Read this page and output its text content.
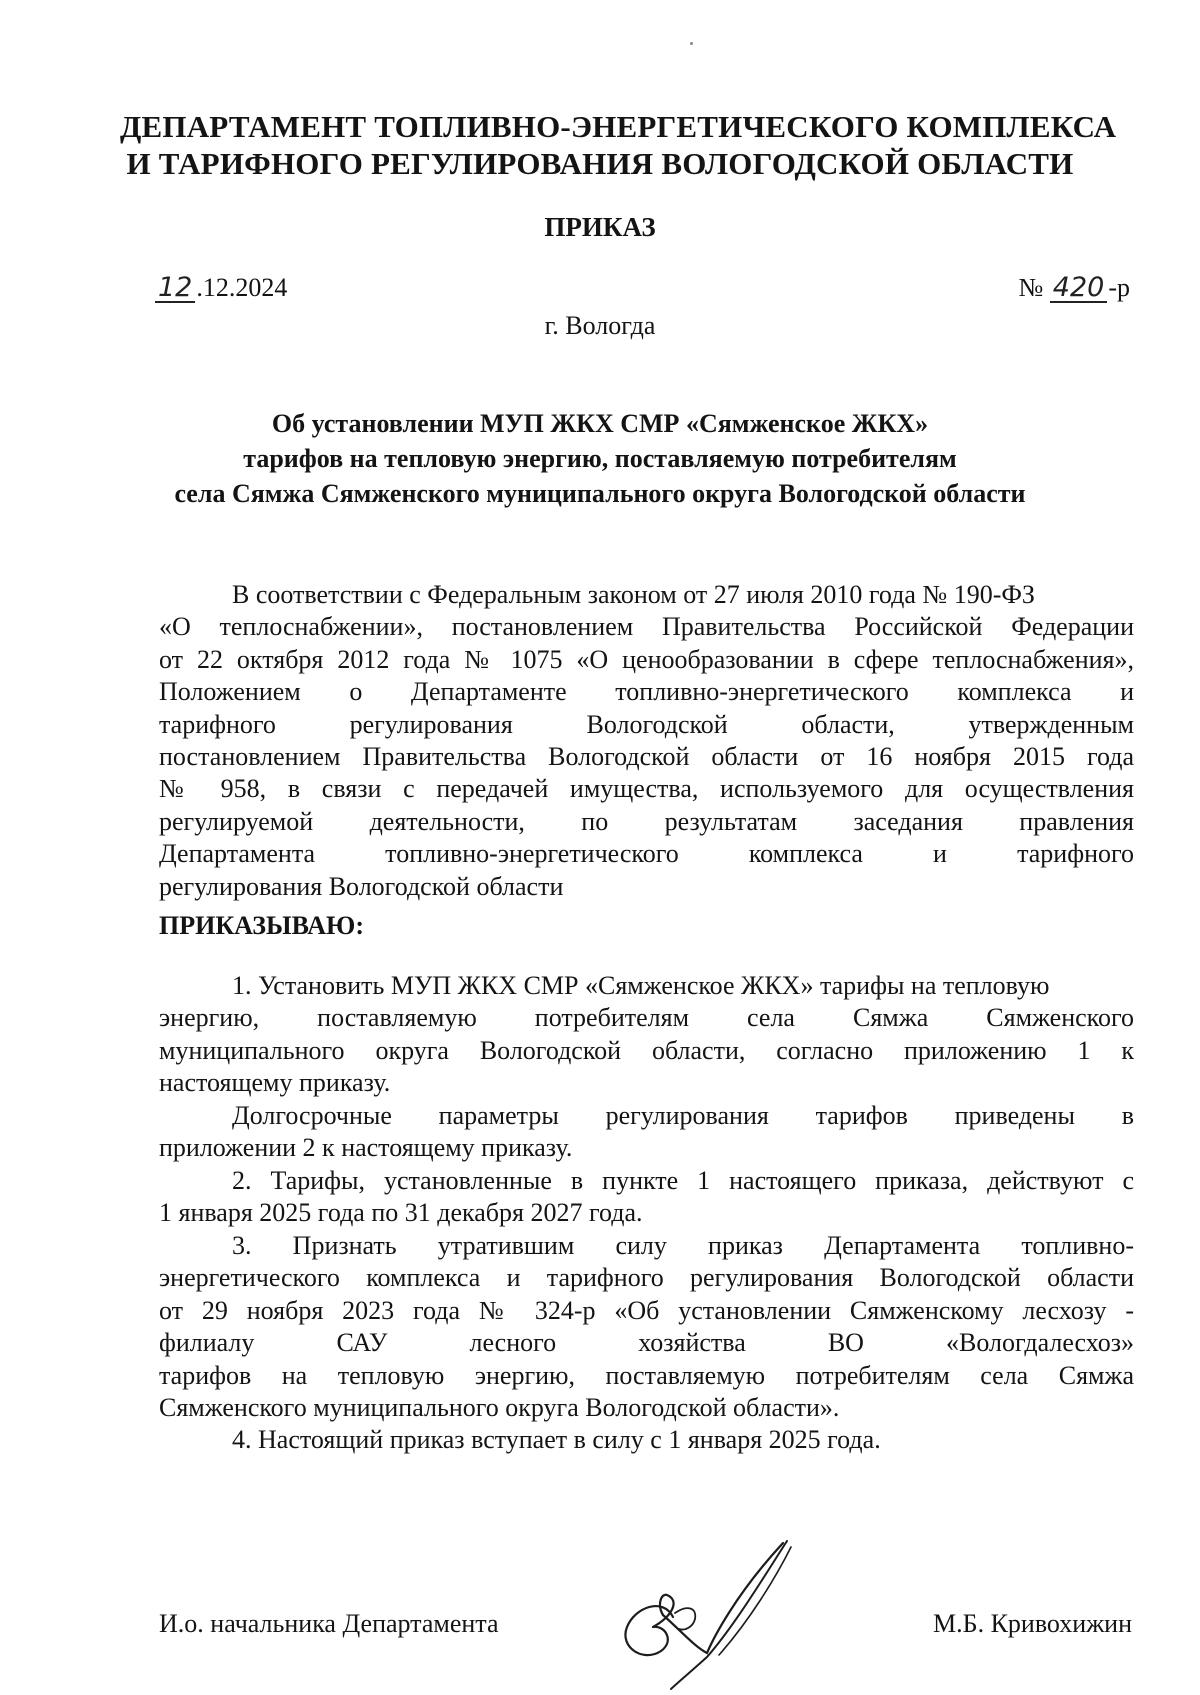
ДЕПАРТАМЕНТ ТОПЛИВНО-ЭНЕРГЕТИЧЕСКОГО КОМПЛЕКСА
И ТАРИФНОГО РЕГУЛИРОВАНИЯ ВОЛОГОДСКОЙ ОБЛАСТИ
ПРИКАЗ
12 .12.2024	№ 420 -р
г. Вологда
Об установлении МУП ЖКХ СМР «Сямженское ЖКХ»
тарифов на тепловую энергию, поставляемую потребителям
села Сямжа Сямженского муниципального округа Вологодской области
В соответствии с Федеральным законом от 27 июля 2010 года № 190-ФЗ
«О теплоснабжении», постановлением Правительства Российской Федерации
от 22 октября 2012 года № 1075 «О ценообразовании в сфере теплоснабжения»,
Положением о Департаменте топливно-энергетического комплекса и
тарифного регулирования Вологодской области, утвержденным
постановлением Правительства Вологодской области от 16 ноября 2015 года
№ 958, в связи с передачей имущества, используемого для осуществления
регулируемой деятельности, по результатам заседания правления
Департамента топливно-энергетического комплекса и тарифного
регулирования Вологодской области
ПРИКАЗЫВАЮ:
1. Установить МУП ЖКХ СМР «Сямженское ЖКХ» тарифы на тепловую
энергию, поставляемую потребителям села Сямжа Сямженского
муниципального округа Вологодской области, согласно приложению 1 к
настоящему приказу.
Долгосрочные параметры регулирования тарифов приведены в
приложении 2 к настоящему приказу.
2. Тарифы, установленные в пункте 1 настоящего приказа, действуют с
1 января 2025 года по 31 декабря 2027 года.
3. Признать утратившим силу приказ Департамента топливно-
энергетического комплекса и тарифного регулирования Вологодской области
от 29 ноября 2023 года № 324-р «Об установлении Сямженскому лесхозу -
филиалу САУ лесного хозяйства ВО «Вологдалесхоз»
тарифов на тепловую энергию, поставляемую потребителям села Сямжа
Сямженского муниципального округа Вологодской области».
4. Настоящий приказ вступает в силу с 1 января 2025 года.
И.о. начальника Департамента	М.Б. Кривохижин
